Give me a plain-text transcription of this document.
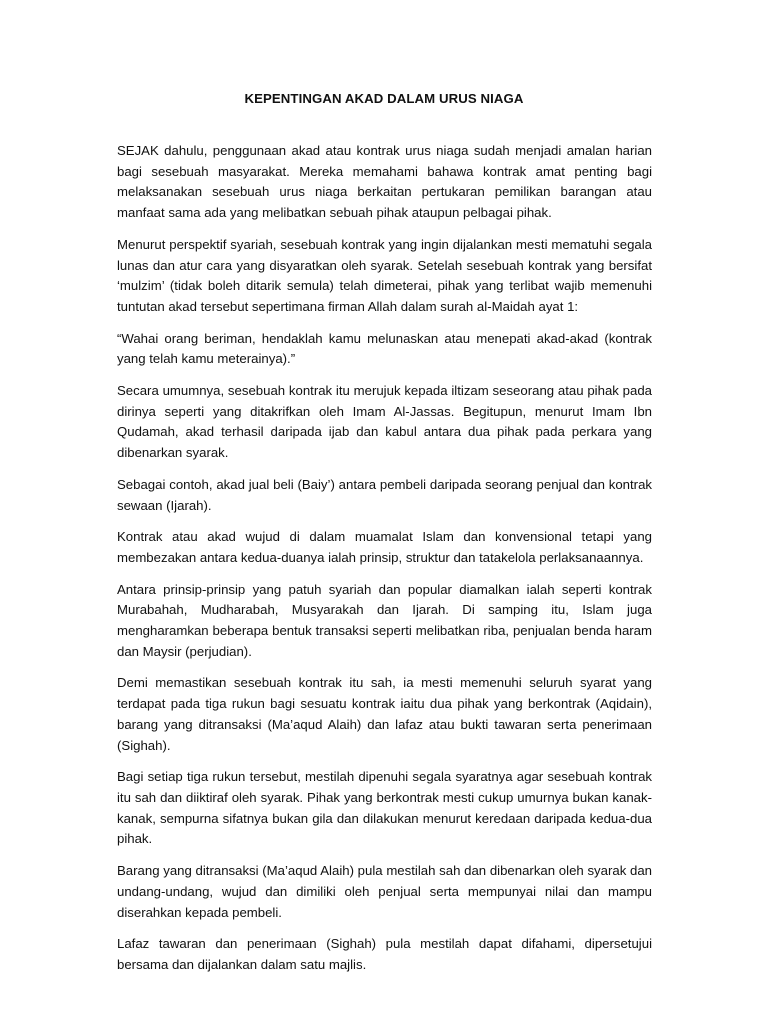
KEPENTINGAN AKAD DALAM URUS NIAGA

SEJAK dahulu, penggunaan akad atau kontrak urus niaga sudah menjadi amalan harian bagi sesebuah masyarakat. Mereka memahami bahawa kontrak amat penting bagi melaksanakan sesebuah urus niaga berkaitan pertukaran pemilikan barangan atau manfaat sama ada yang melibatkan sebuah pihak ataupun pelbagai pihak.

Menurut perspektif syariah, sesebuah kontrak yang ingin dijalankan mesti mematuhi segala lunas dan atur cara yang disyaratkan oleh syarak. Setelah sesebuah kontrak yang bersifat ‘mulzim’ (tidak boleh ditarik semula) telah dimeterai, pihak yang terlibat wajib memenuhi tuntutan akad tersebut sepertimana firman Allah dalam surah al-Maidah ayat 1:

“Wahai orang beriman, hendaklah kamu melunaskan atau menepati akad-akad (kontrak yang telah kamu meterainya).”

Secara umumnya, sesebuah kontrak itu merujuk kepada iltizam seseorang atau pihak pada dirinya seperti yang ditakrifkan oleh Imam Al-Jassas. Begitupun, menurut Imam Ibn Qudamah, akad terhasil daripada ijab dan kabul antara dua pihak pada perkara yang dibenarkan syarak.

Sebagai contoh, akad jual beli (Baiy’) antara pembeli daripada seorang penjual dan kontrak sewaan (Ijarah).

Kontrak atau akad wujud di dalam muamalat Islam dan konvensional tetapi yang membezakan antara kedua-duanya ialah prinsip, struktur dan tatakelola perlaksanaannya.

Antara prinsip-prinsip yang patuh syariah dan popular diamalkan ialah seperti kontrak Murabahah, Mudharabah, Musyarakah dan Ijarah. Di samping itu, Islam juga mengharamkan beberapa bentuk transaksi seperti melibatkan riba, penjualan benda haram dan Maysir (perjudian).

Demi memastikan sesebuah kontrak itu sah, ia mesti memenuhi seluruh syarat yang terdapat pada tiga rukun bagi sesuatu kontrak iaitu dua pihak yang berkontrak (Aqidain), barang yang ditransaksi (Ma’aqud Alaih) dan lafaz atau bukti tawaran serta penerimaan (Sighah).

Bagi setiap tiga rukun tersebut, mestilah dipenuhi segala syaratnya agar sesebuah kontrak itu sah dan diiktiraf oleh syarak. Pihak yang berkontrak mesti cukup umurnya bukan kanak-kanak, sempurna sifatnya bukan gila dan dilakukan menurut keredaan daripada kedua-dua pihak.

Barang yang ditransaksi (Ma’aqud Alaih) pula mestilah sah dan dibenarkan oleh syarak dan undang-undang, wujud dan dimiliki oleh penjual serta mempunyai nilai dan mampu diserahkan kepada pembeli.

Lafaz tawaran dan penerimaan (Sighah) pula mestilah dapat difahami, dipersetujui bersama dan dijalankan dalam satu majlis.
